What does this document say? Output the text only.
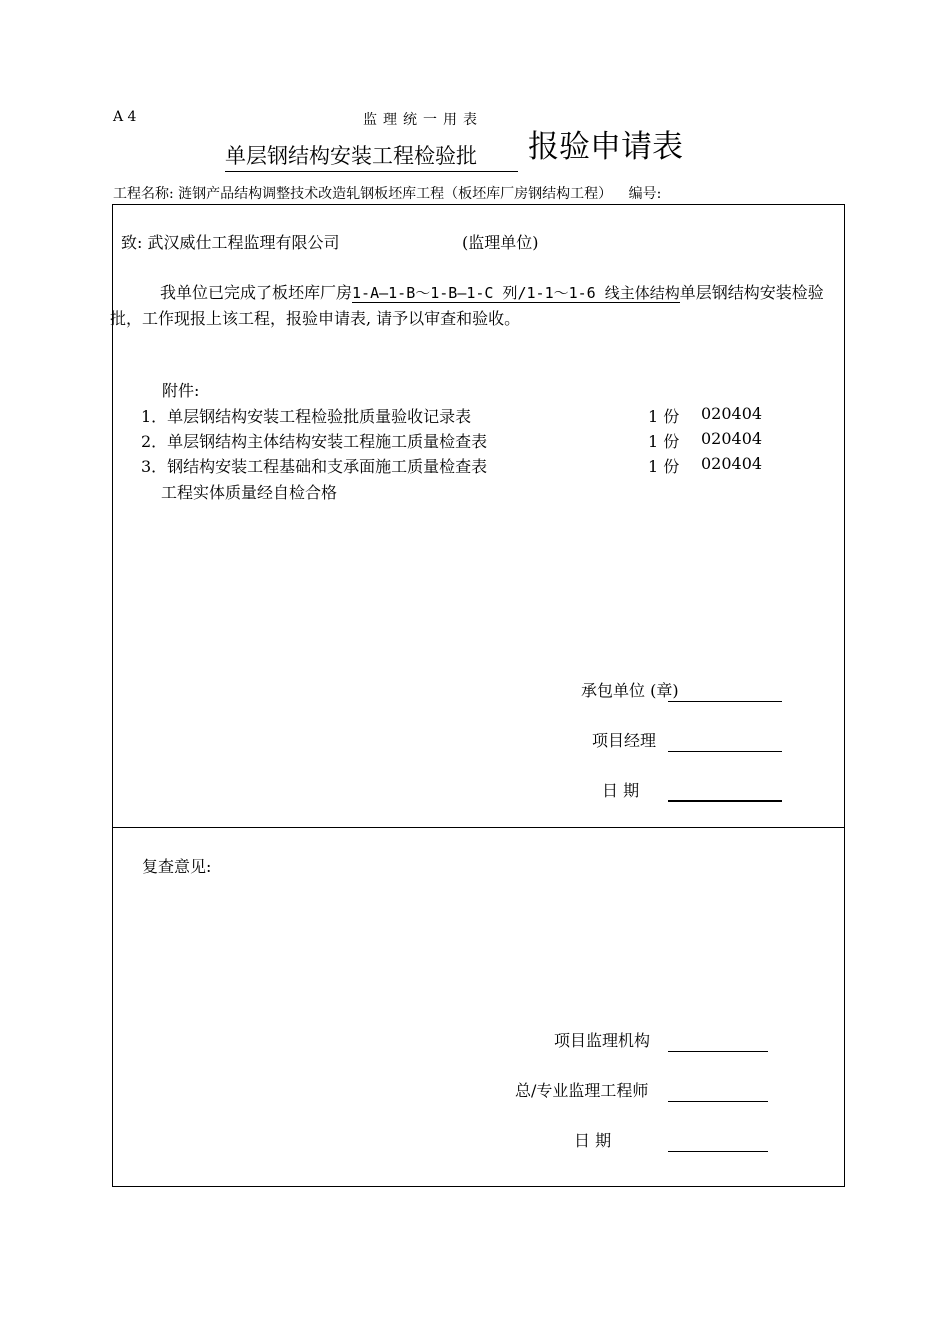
A 4	监理统一用表
单层钢结构安装工程检验批	报验申请表
工程名称: 涟钢产品结构调整技术改造轧钢板坯库工程（板坯库厂房钢结构工程） 编号:
致: 武汉威仕工程监理有限公司	(监理单位)
我单位已完成了板坯库厂房1-A—1-B～1-B—1-C 列/1-1～1-6 线主体结构单层钢结构安装检验批，工作现报上该工程，报验申请表, 请予以审查和验收。
附件:
1．单层钢结构安装工程检验批质量验收记录表	1 份 020404
2．单层钢结构主体结构安装工程施工质量检查表	1 份 020404
3．钢结构安装工程基础和支承面施工质量检查表	1 份 020404
工程实体质量经自检合格
承包单位 (章)
项目经理
日 期
复查意见:
项目监理机构
总/专业监理工程师
日 期
